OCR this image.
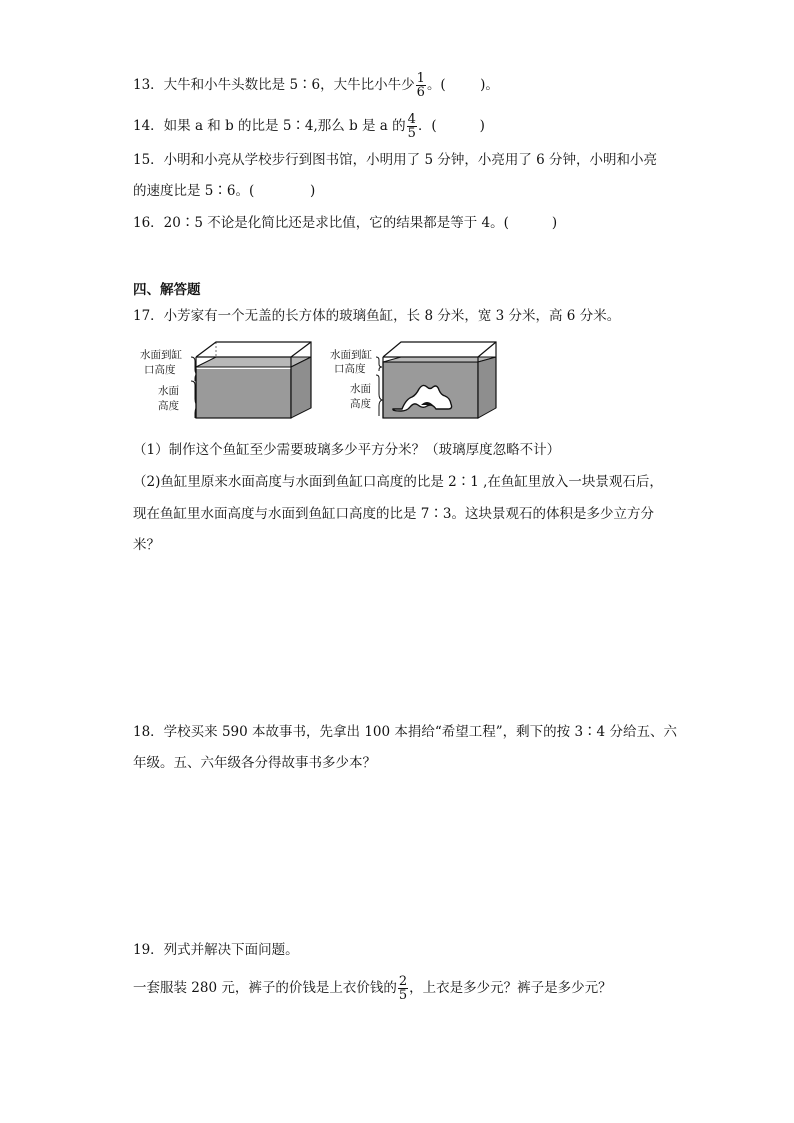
13．大牛和小牛头数比是 5∶6，大牛比小牛少 $\frac{1}{6}$ 。(	)。
14．如果 a 和 b 的比是 5∶4,那么 b 是 a 的 $\frac{4}{5}$ ．(	)
15．小明和小亮从学校步行到图书馆，小明用了 5 分钟，小亮用了 6 分钟，小明和小亮
的速度比是 5∶6。(	)
16．20∶5 不论是化简比还是求比值，它的结果都是等于 4。(	)
四、解答题
17．小芳家有一个无盖的长方体的玻璃鱼缸，长 8 分米，宽 3 分米，高 6 分米。
水面到缸
口高度
水面
高度
水面到缸
口高度
水面
高度
（1）制作这个鱼缸至少需要玻璃多少平方分米？（玻璃厚度忽略不计）
（2)鱼缸里原来水面高度与水面到鱼缸口高度的比是 2∶1 ,在鱼缸里放入一块景观石后，
现在鱼缸里水面高度与水面到鱼缸口高度的比是 7∶3。这块景观石的体积是多少立方分
米？
18．学校买来 590 本故事书，先拿出 100 本捐给“希望工程”，剩下的按 3∶4 分给五、六
年级。五、六年级各分得故事书多少本？
19．列式并解决下面问题。
一套服装 280 元，裤子的价钱是上衣价钱的 $\frac{2}{5}$ ，上衣是多少元？裤子是多少元？
